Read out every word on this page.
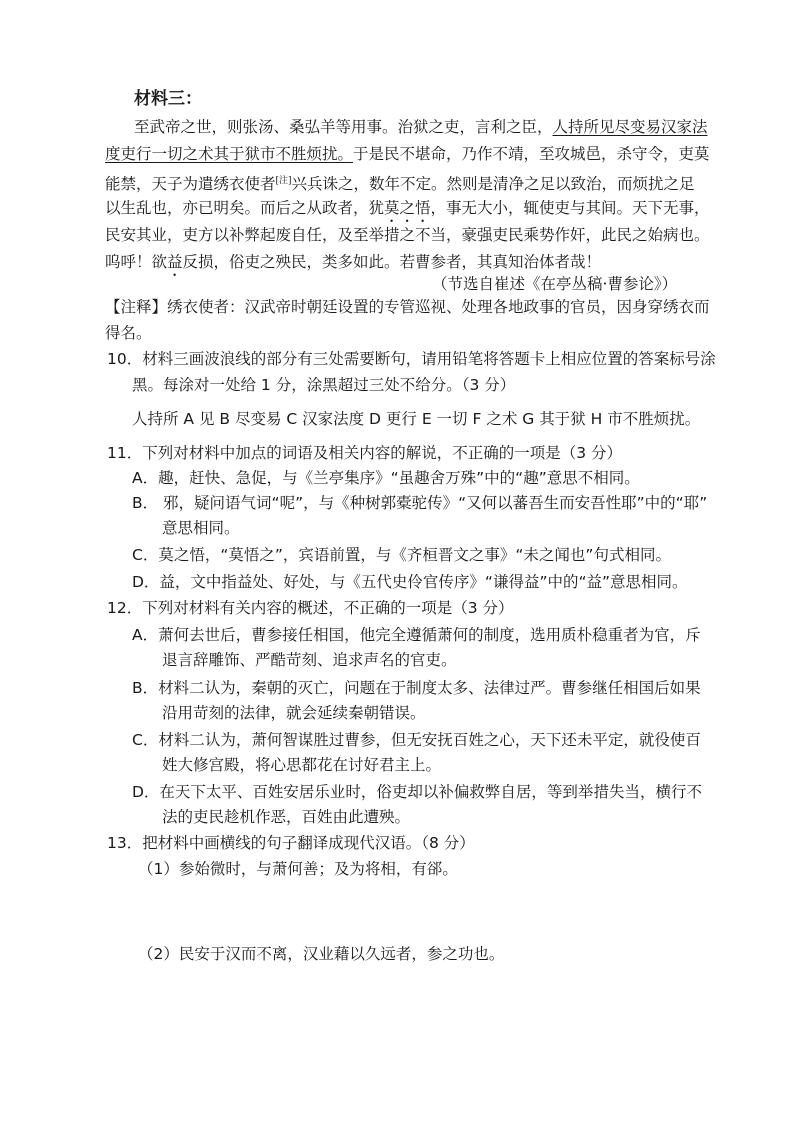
材料三：
至武帝之世，则张汤、桑弘羊等用事。治狱之吏，言利之臣，人持所见尽变易汉家法
度吏行一切之术其于狱市不胜烦扰。于是民不堪命，乃作不靖，至攻城邑，杀守令，吏莫
能禁，天子为遣绣衣使者[注]兴兵诛之，数年不定。然则是清净之足以致治，而烦扰之足
以生乱也，亦已明矣。而后之从政者，犹莫之悟，事无大小，辄使吏与其间。天下无事，
民安其业，吏方以补弊起废自任，及至举措之不当，豪强吏民乘势作奸，此民之始病也。
呜呼！欲益反损，俗吏之殃民，类多如此。若曹参者，其真知治体者哉！
（节选自崔述《在亭丛稿·曹参论》）
【注释】绣衣使者：汉武帝时朝廷设置的专管巡视、处理各地政事的官员，因身穿绣衣而
得名。
10．材料三画波浪线的部分有三处需要断句，请用铅笔将答题卡上相应位置的答案标号涂
黑。每涂对一处给 1 分，涂黑超过三处不给分。（3 分）
人持所 A 见 B 尽变易 C 汉家法度 D 更行 E 一切 F 之术 G 其于狱 H 市不胜烦扰。
11．下列对材料中加点的词语及相关内容的解说，不正确的一项是（3 分）
A．趣，赶快、急促，与《兰亭集序》“虽趣舍万殊”中的“趣”意思不相同。
B． 邪，疑问语气词“呢”，与《种树郭橐驼传》“又何以蕃吾生而安吾性耶”中的“耶”
意思相同。
C．莫之悟，“莫悟之”，宾语前置，与《齐桓晋文之事》“未之闻也”句式相同。
D．益，文中指益处、好处，与《五代史伶官传序》“谦得益”中的“益”意思相同。
12．下列对材料有关内容的概述，不正确的一项是（3 分）
A．萧何去世后，曹参接任相国，他完全遵循萧何的制度，选用质朴稳重者为官，斥
退言辞雕饰、严酷苛刻、追求声名的官吏。
B．材料二认为，秦朝的灭亡，问题在于制度太多、法律过严。曹参继任相国后如果
沿用苛刻的法律，就会延续秦朝错误。
C．材料二认为，萧何智谋胜过曹参，但无安抚百姓之心，天下还未平定，就役使百
姓大修宫殿，将心思都花在讨好君主上。
D．在天下太平、百姓安居乐业时，俗吏却以补偏救弊自居，等到举措失当，横行不
法的吏民趁机作恶，百姓由此遭殃。
13．把材料中画横线的句子翻译成现代汉语。（8 分）
（1）参始微时，与萧何善；及为将相，有郤。
（2）民安于汉而不离，汉业藉以久远者，参之功也。
